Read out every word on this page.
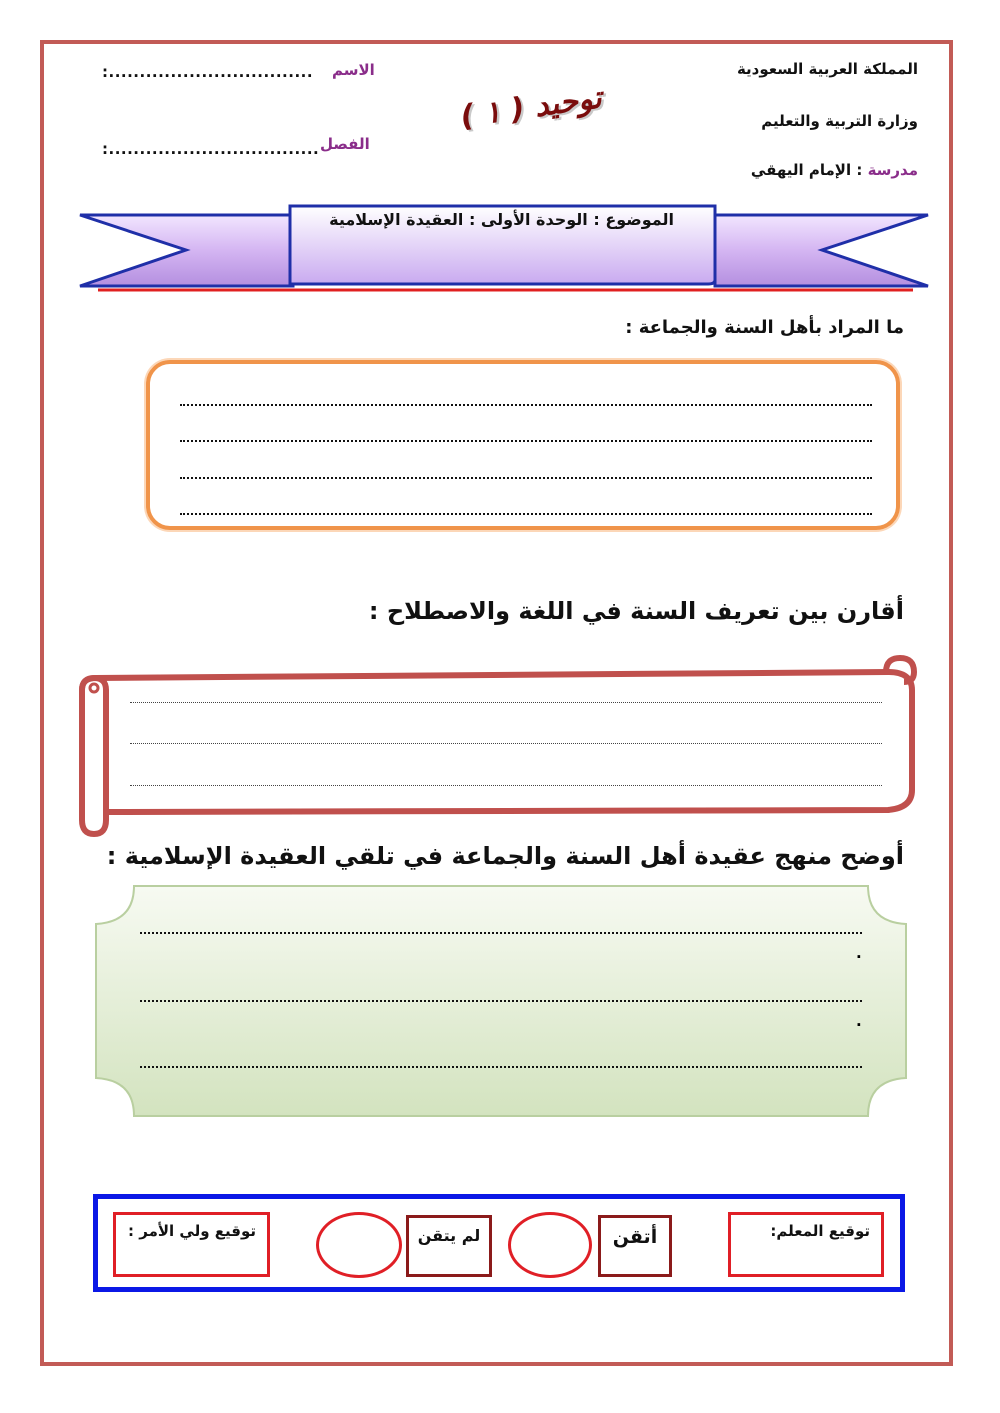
المملكة العربية السعودية
وزارة التربية والتعليم
مدرسة : الإمام اليهقي
توحيد ( ١ )
الاسم
:.................................
الفصل
:..................................
الموضوع : الوحدة الأولى : العقيدة الإسلامية
ما المراد بأهل السنة والجماعة :
أقارن بين تعريف السنة في اللغة والاصطلاح :
أوضح منهج عقيدة أهل السنة والجماعة في تلقي العقيدة الإسلامية :
.
.
توقيع المعلم:
أتقن
لم يتقن
توقيع ولي الأمر :
